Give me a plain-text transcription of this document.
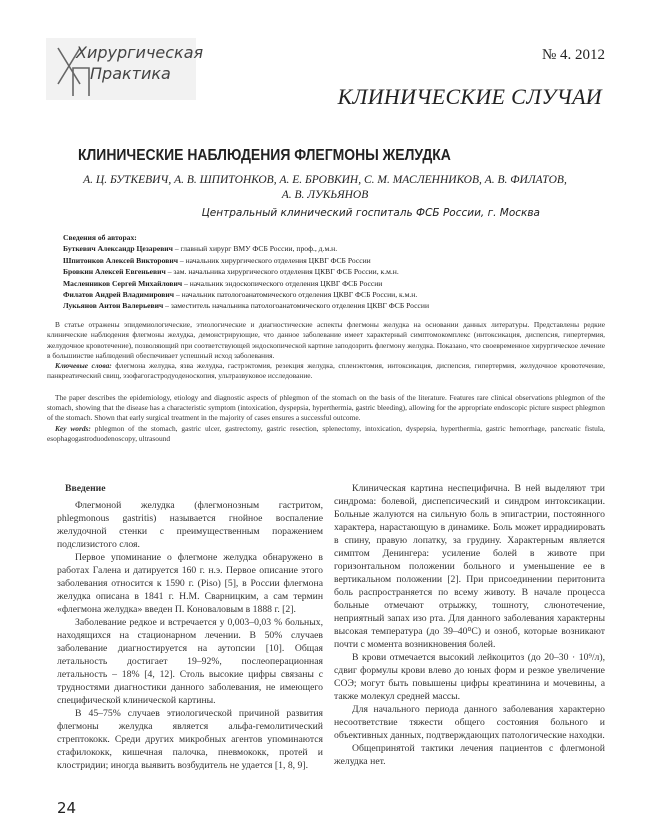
Хирургическая
Практика
№ 4. 2012
КЛИНИЧЕСКИЕ СЛУЧАИ
КЛИНИЧЕСКИЕ НАБЛЮДЕНИЯ ФЛЕГМОНЫ ЖЕЛУДКА
А. Ц. БУТКЕВИЧ, А. В. ШПИТОНКОВ, А. Е. БРОВКИН, С. М. МАСЛЕННИКОВ, А. В. ФИЛАТОВ,
А. В. ЛУКЬЯНОВ
Центральный клинический госпиталь ФСБ России, г. Москва
Сведения об авторах:
Буткевич Александр Цезаревич – главный хирург ВМУ ФСБ России, проф., д.м.н.
Шпитонков Алексей Викторович – начальник хирургического отделения ЦКВГ ФСБ России
Бровкин Алексей Евгеньевич – зам. начальника хирургического отделения ЦКВГ ФСБ России, к.м.н.
Масленников Сергей Михайлович – начальник эндоскопического отделения ЦКВГ ФСБ России
Филатов Андрей Владимирович – начальник патологоанатомического отделения ЦКВГ ФСБ России, к.м.н.
Лукьянов Антон Валерьевич – заместитель начальника патологоанатомического отделения ЦКВГ ФСБ России

В статье отражены эпидемиологические, этиологические и диагностические аспекты флегмоны желудка на основании данных литературы. Представлены редкие клинические наблюдения флегмоны желудка, демонстрирующие, что данное заболевание имеет характерный симптомокомплекс (интоксикация, диспепсия, гипертермия, желудочное кровотечение), позволяющий при соответствующей эндоскопической картине заподозрить флегмону желудка. Показано, что своевременное хирургическое лечение в большинстве наблюдений обеспечивает успешный исход заболевания.

Ключевые слова: флегмона желудка, язва желудка, гастрэктомия, резекция желудка, спленэктомия, интоксикация, диспепсия, гипертермия, желудочное кровотечение, панкреатический свищ, эзофагогастродуоденоскопия, ультразвуковое исследование.

The paper describes the epidemiology, etiology and diagnostic aspects of phlegmon of the stomach on the basis of the literature. Features rare clinical observations phlegmon of the stomach, showing that the disease has a characteristic symptom (intoxication, dyspepsia, hyperthermia, gastric bleeding), allowing for the appropriate endoscopic picture suspect phlegmon of the stomach. Shown that early surgical treatment in the majority of cases ensures a successful outcome.

Key words: phlegmon of the stomach, gastric ulcer, gastrectomy, gastric resection, splenectomy, intoxication, dyspepsia, hyperthermia, gastric hemorrhage, pancreatic fistula, esophagogastroduodenoscopy, ultrasound

Введение

Флегмоной желудка (флегмонозным гастритом, phlegmonous gastritis) называется гнойное воспаление желудочной стенки с преимущественным поражением подслизистого слоя.

Первое упоминание о флегмоне желудка обнаружено в работах Галена и датируется 160 г. н.э. Первое описание этого заболевания относится к 1590 г. (Piso) [5], в России флегмона желудка описана в 1841 г. Н.М. Сварницким, а сам термин «флегмона желудка» введен П. Коноваловым в 1888 г. [2].

Заболевание редкое и встречается у 0,003–0,03 % больных, находящихся на стационарном лечении. В 50% случаев заболевание диагностируется на аутопсии [10]. Общая летальность достигает 19–92%, послеоперационная летальность – 18% [4, 12]. Столь высокие цифры связаны с трудностями диагностики данного заболевания, не имеющего специфической клинической картины.

В 45–75% случаев этиологической причиной развития флегмоны желудка является альфа-гемолитический стрептококк. Среди других микробных агентов упоминаются стафилококк, кишечная палочка, пневмококк, протей и клостридии; иногда выявить возбудитель не удается [1, 8, 9].

Клиническая картина неспецифична. В ней выделяют три синдрома: болевой, диспепсический и синдром интоксикации. Больные жалуются на сильную боль в эпигастрии, постоянного характера, нарастающую в динамике. Боль может иррадиировать в спину, правую лопатку, за грудину. Характерным является симптом Денингера: усиление болей в животе при горизонтальном положении больного и уменьшение ее в вертикальном положении [2]. При присоединении перитонита боль распространяется по всему животу. В начале процесса больные отмечают отрыжку, тошноту, слюнотечение, неприятный запах изо рта. Для данного заболевания характерны высокая температура (до 39–40⁰С) и озноб, которые возникают почти с момента возникновения болей.

В крови отмечается высокий лейкоцитоз (до 20–30 · 10⁹/л), сдвиг формулы крови влево до юных форм и резкое увеличение СОЭ; могут быть повышены цифры креатинина и мочевины, а также молекул средней массы.

Для начального периода данного заболевания характерно несоответствие тяжести общего состояния больного и объективных данных, подтверждающих патологические находки.

Общепринятой тактики лечения пациентов с флегмоной желудка нет.

24
